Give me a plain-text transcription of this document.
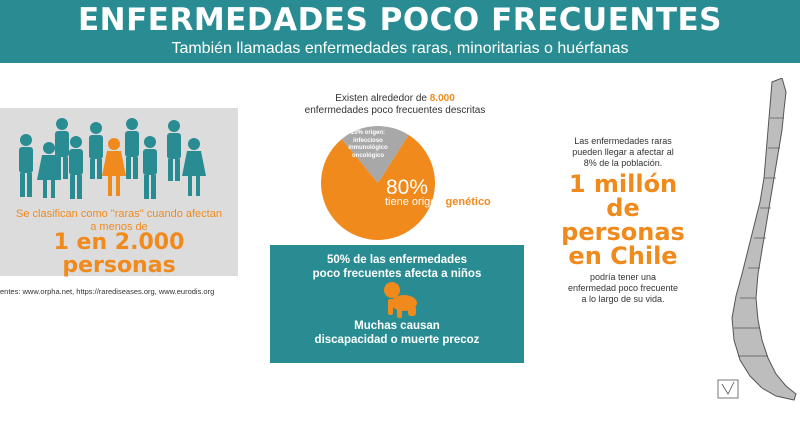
ENFERMEDADES POCO FRECUENTES
También llamadas enfermedades raras, minoritarias o huérfanas
Se clasifican como "raras" cuando afectan
a menos de
1 en 2.000
personas
entes: www.orpha.net, https://rarediseases.org, www.eurodis.org
Existen alrededor de 8.000
enfermedades poco frecuentes descritas
20% origen:
infeccioso
inmunológico
oncológico
80%
tiene origen genético
50% de las enfermedades
poco frecuentes afecta a niños
Muchas causan
discapacidad o muerte precoz
Las enfermedades raras
pueden llegar a afectar al
8% de la población.
1 millón
de
personas
en Chile
podría tener una
enfermedad poco frecuente
a lo largo de su vida.
